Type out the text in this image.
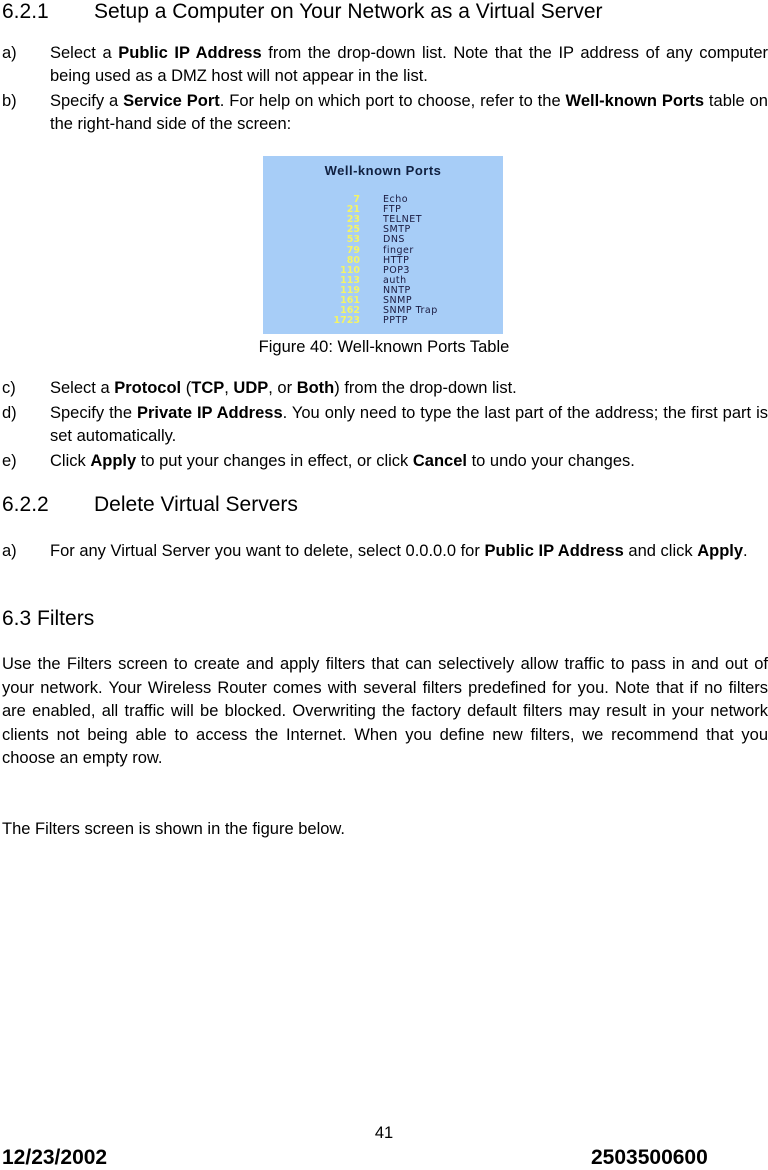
6.2.1 Setup a Computer on Your Network as a Virtual Server
a) Select a Public IP Address from the drop-down list. Note that the IP address of any computer being used as a DMZ host will not appear in the list.
b) Specify a Service Port. For help on which port to choose, refer to the Well-known Ports table on the right-hand side of the screen:
Well-known Ports
7 Echo
21 FTP
23 TELNET
25 SMTP
53 DNS
79 finger
80 HTTP
110 POP3
113 auth
119 NNTP
161 SNMP
162 SNMP Trap
1723 PPTP
Figure 40: Well-known Ports Table
c) Select a Protocol (TCP, UDP, or Both) from the drop-down list.
d) Specify the Private IP Address. You only need to type the last part of the address; the first part is set automatically.
e) Click Apply to put your changes in effect, or click Cancel to undo your changes.
6.2.2 Delete Virtual Servers
a) For any Virtual Server you want to delete, select 0.0.0.0 for Public IP Address and click Apply.
6.3 Filters

Use the Filters screen to create and apply filters that can selectively allow traffic to pass in and out of your network. Your Wireless Router comes with several filters predefined for you. Note that if no filters are enabled, all traffic will be blocked. Overwriting the factory default filters may result in your network clients not being able to access the Internet. When you define new filters, we recommend that you choose an empty row.

The Filters screen is shown in the figure below.

41
12/23/2002	2503500600
